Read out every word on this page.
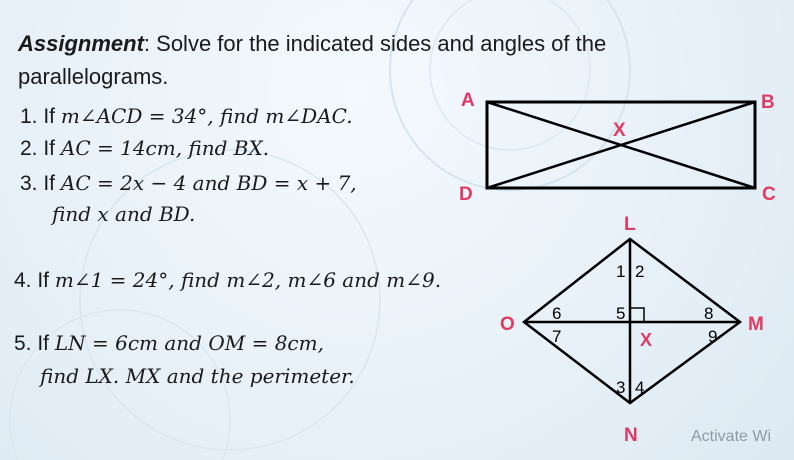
Assignment: Solve for the indicated sides and angles of the
parallelograms.
1. If m∠ACD = 34°, find m∠DAC.
2. If AC = 14cm, find BX.
3. If AC = 2x − 4 and BD = x + 7,
find x and BD.
4. If m∠1 = 24°, find m∠2, m∠6 and m∠9.
5. If LN = 6cm and OM = 8cm,
find LX. MX and the perimeter.
A	B
C
D
X
L
M
N
O
X
1 2
3 4
5
6
7
8
9
Activate Wi
